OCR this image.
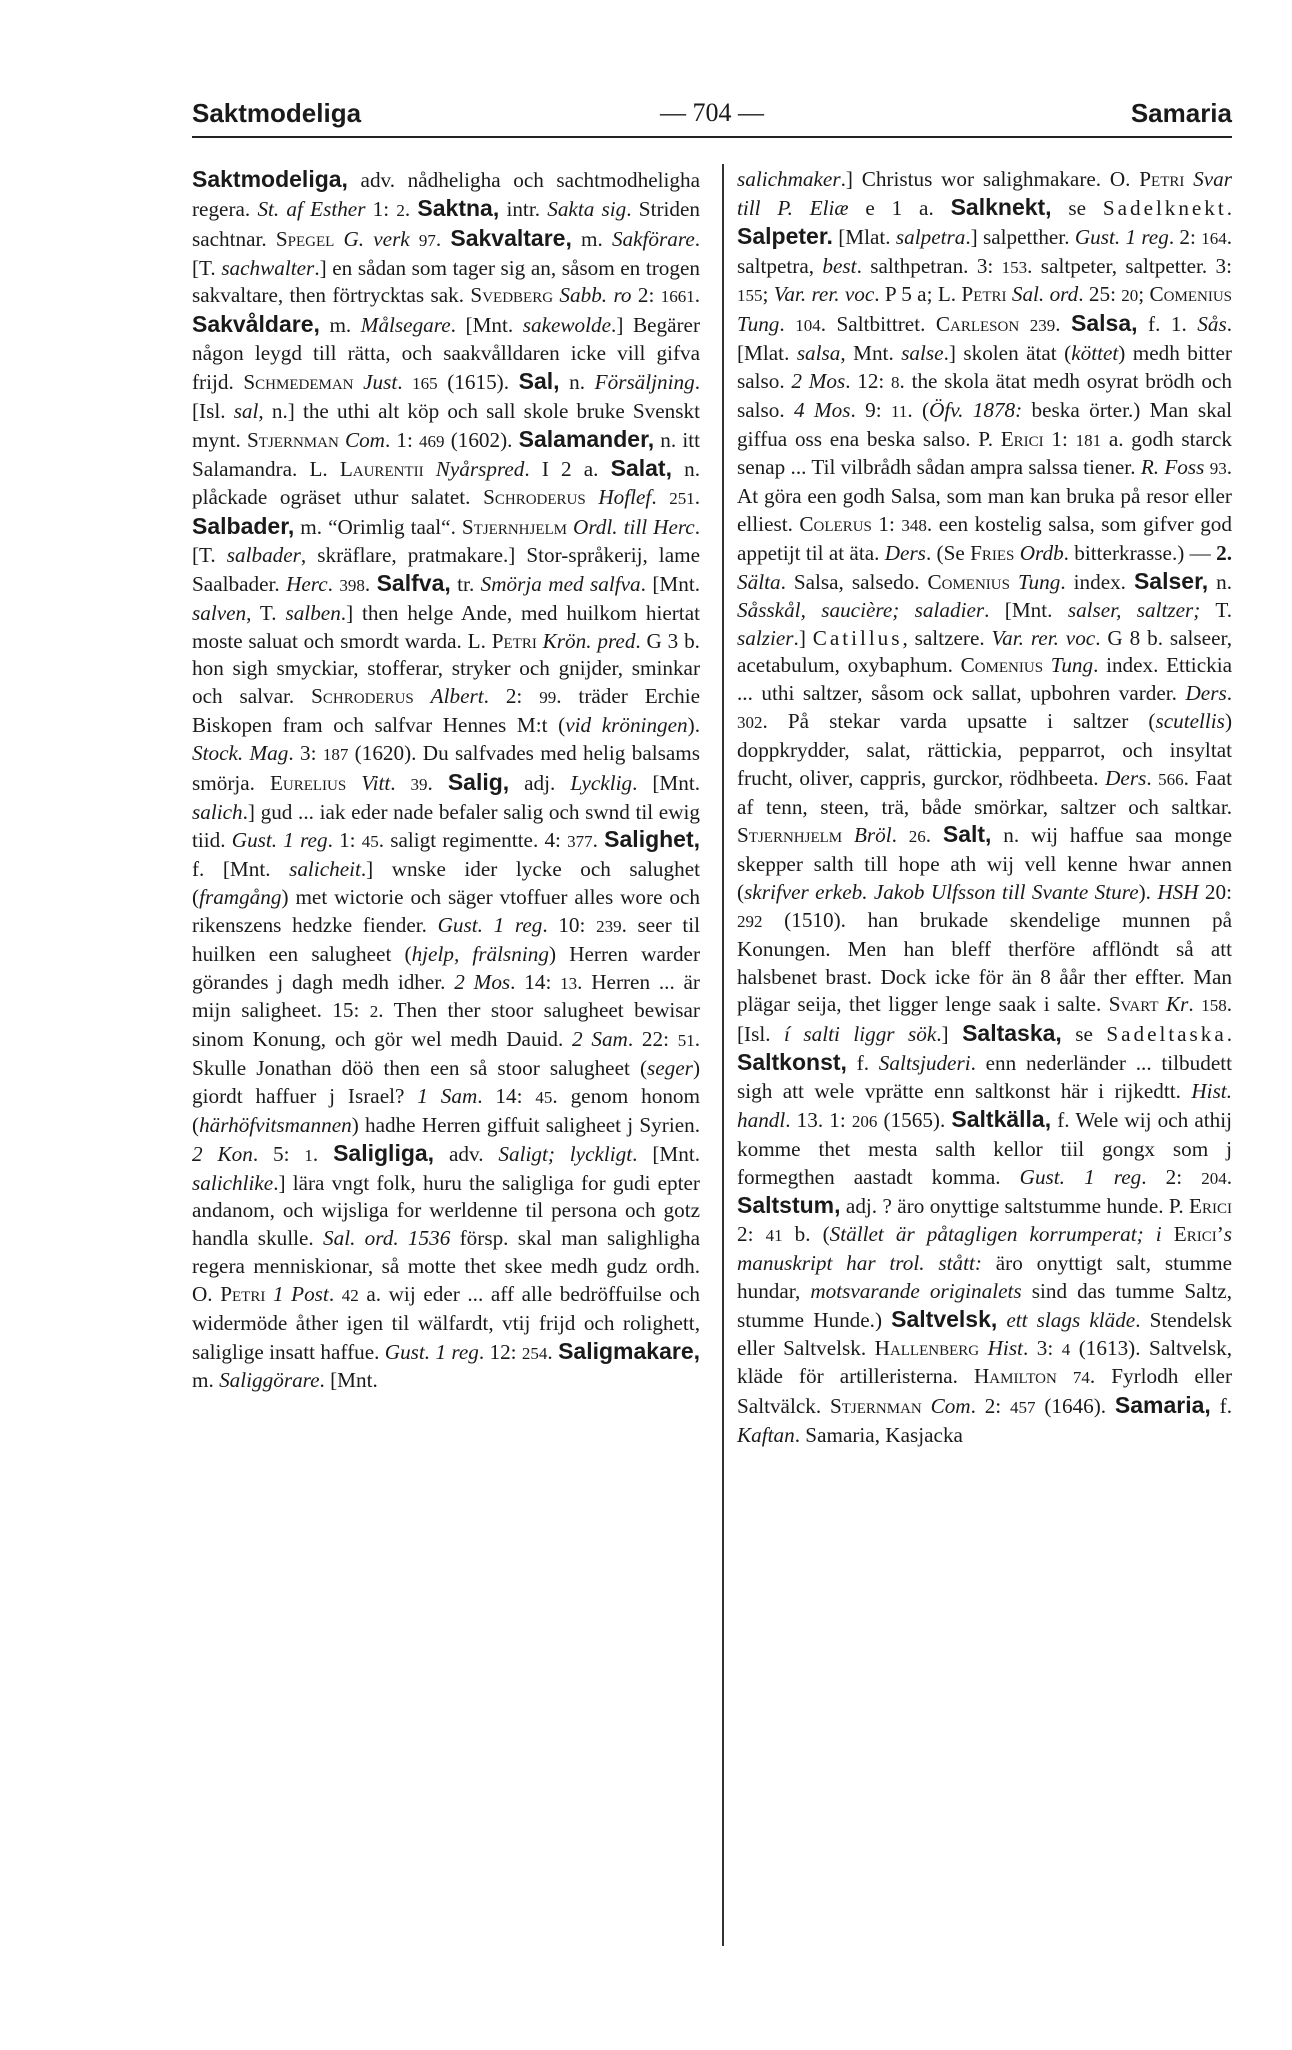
Saktmodeliga	— 704 —	Samaria

Saktmodeliga, adv. nådheligha och sachtmodheligha regera. St. af Esther 1: 2. Saktna, intr. Sakta sig. Striden sachtnar. Spegel G. verk 97. Sakvaltare, m. Sakförare. [T. sachwalter.] en sådan som tager sig an, såsom en trogen sakvaltare, then förtrycktas sak. Svedberg Sabb. ro 2: 1661. Sakvåldare, m. Målsegare. [Mnt. sakewolde.] Begärer någon leygd till rätta, och saakvålldaren icke vill gifva frijd. Schmedeman Just. 165 (1615). Sal, n. Försäljning. [Isl. sal, n.] the uthi alt köp och sall skole bruke Svenskt mynt. Stjernman Com. 1: 469 (1602). Salamander, n. itt Salamandra. L. Laurentii Nyårspred. I 2 a. Salat, n. plåckade ogräset uthur salatet. Schroderus Hoflef. 251. Salbader, m. “Orimlig taal“. Stjernhjelm Ordl. till Herc. [T. salbader, skräflare, pratmakare.] Stor-språkerij, lame Saalbader. Herc. 398. Salfva, tr. Smörja med salfva. [Mnt. salven, T. salben.] then helge Ande, med huilkom hiertat moste saluat och smordt warda. L. Petri Krön. pred. G 3 b. hon sigh smyckiar, stofferar, stryker och gnijder, sminkar och salvar. Schroderus Albert. 2: 99. träder Erchie Biskopen fram och salfvar Hennes M:t (vid kröningen). Stock. Mag. 3: 187 (1620). Du salfvades med helig balsams smörja. Eurelius Vitt. 39. Salig, adj. Lycklig. [Mnt. salich.] gud ... iak eder nade befaler salig och swnd til ewig tiid. Gust. 1 reg. 1: 45. saligt regimentte. 4: 377. Salighet, f. [Mnt. salicheit.] wnske ider lycke och salughet (framgång) met wictorie och säger vtoffuer alles wore och rikenszens hedzke fiender. Gust. 1 reg. 10: 239. seer til huilken een salugheet (hjelp, frälsning) Herren warder görandes j dagh medh idher. 2 Mos. 14: 13. Herren ... är mijn saligheet. 15: 2. Then ther stoor salugheet bewisar sinom Konung, och gör wel medh Dauid. 2 Sam. 22: 51. Skulle Jonathan döö then een så stoor salugheet (seger) giordt haffuer j Israel? 1 Sam. 14: 45. genom honom (härhöfvitsmannen) hadhe Herren giffuit saligheet j Syrien. 2 Kon. 5: 1. Saligliga, adv. Saligt; lyckligt. [Mnt. salichlike.] lära vngt folk, huru the saligliga for gudi epter andanom, och wijsliga for werldenne til persona och gotz handla skulle. Sal. ord. 1536 försp. skal man salighligha regera menniskionar, så motte thet skee medh gudz ordh. O. Petri 1 Post. 42 a. wij eder ... aff alle bedröffuilse och widermöde åther igen til wälfardt, vtij frijd och rolighett, saliglige insatt haffue. Gust. 1 reg. 12: 254. Saligmakare, m. Saliggörare. [Mnt.

salichmaker.] Christus wor salighmakare. O. Petri Svar till P. Eliæ e 1 a. Salknekt, se Sadelknekt. Salpeter. [Mlat. salpetra.] salpetther. Gust. 1 reg. 2: 164. saltpetra, best. salthpetran. 3: 153. saltpeter, saltpetter. 3: 155; Var. rer. voc. P 5 a; L. Petri Sal. ord. 25: 20; Comenius Tung. 104. Saltbittret. Carleson 239. Salsa, f. 1. Sås. [Mlat. salsa, Mnt. salse.] skolen ätat (köttet) medh bitter salso. 2 Mos. 12: 8. the skola ätat medh osyrat brödh och salso. 4 Mos. 9: 11. (Öfv. 1878: beska örter.) Man skal giffua oss ena beska salso. P. Erici 1: 181 a. godh starck senap ... Til vilbrådh sådan ampra salssa tiener. R. Foss 93. At göra een godh Salsa, som man kan bruka på resor eller elliest. Colerus 1: 348. een kostelig salsa, som gifver god appetijt til at äta. Ders. (Se Fries Ordb. bitterkrasse.) — 2. Sälta. Salsa, salsedo. Comenius Tung. index. Salser, n. Såsskål, saucière; saladier. [Mnt. salser, saltzer; T. salzier.] Catillus, saltzere. Var. rer. voc. G 8 b. salseer, acetabulum, oxybaphum. Comenius Tung. index. Ettickia ... uthi saltzer, såsom ock sallat, upbohren varder. Ders. 302. På stekar varda upsatte i saltzer (scutellis) doppkrydder, salat, rättickia, pepparrot, och insyltat frucht, oliver, cappris, gurckor, rödhbeeta. Ders. 566. Faat af tenn, steen, trä, både smörkar, saltzer och saltkar. Stjernhjelm Bröl. 26. Salt, n. wij haffue saa monge skepper salth till hope ath wij vell kenne hwar annen (skrifver erkeb. Jakob Ulfsson till Svante Sture). HSH 20: 292 (1510). han brukade skendelige munnen på Konungen. Men han bleff therföre afflöndt så att halsbenet brast. Dock icke för än 8 åår ther effter. Man plägar seija, thet ligger lenge saak i salte. Svart Kr. 158. [Isl. í salti liggr sök.] Saltaska, se Sadeltaska. Saltkonst, f. Saltsjuderi. enn nederländer ... tilbudett sigh att wele vprätte enn saltkonst här i rijkedtt. Hist. handl. 13. 1: 206 (1565). Saltkälla, f. Wele wij och athij komme thet mesta salth kellor tiil gongx som j formegthen aastadt komma. Gust. 1 reg. 2: 204. Saltstum, adj. ? äro onyttige saltstumme hunde. P. Erici 2: 41 b. (Stället är påtagligen korrumperat; i Erici’s manuskript har trol. stått: äro onyttigt salt, stumme hundar, motsvarande originalets sind das tumme Saltz, stumme Hunde.) Saltvelsk, ett slags kläde. Stendelsk eller Saltvelsk. Hallenberg Hist. 3: 4 (1613). Saltvelsk, kläde för artilleristerna. Hamilton 74. Fyrlodh eller Saltvälck. Stjernman Com. 2: 457 (1646). Samaria, f. Kaftan. Samaria, Kasjacka
